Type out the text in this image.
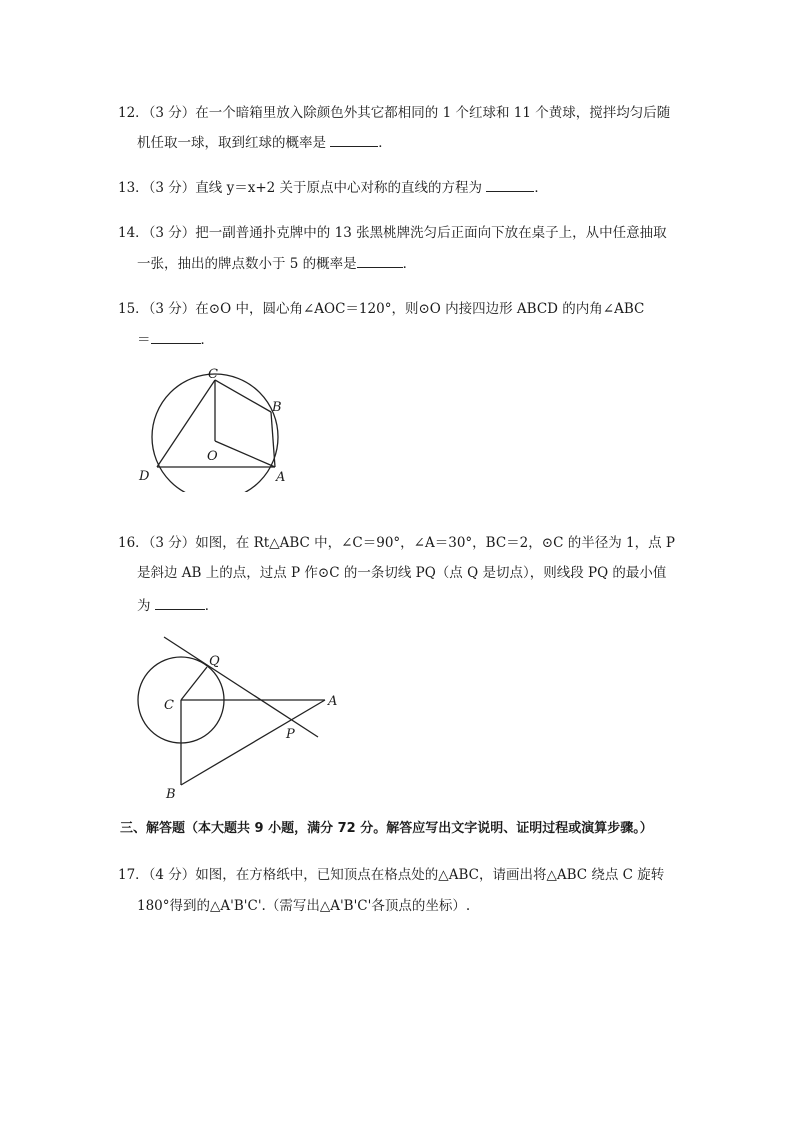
12．（3 分）在一个暗箱里放入除颜色外其它都相同的 1 个红球和 11 个黄球，搅拌均匀后随
机任取一球，取到红球的概率是	．
13．（3 分）直线 y＝x+2 关于原点中心对称的直线的方程为	．
14．（3 分）把一副普通扑克牌中的 13 张黑桃牌洗匀后正面向下放在桌子上，从中任意抽取
一张，抽出的牌点数小于 5 的概率是	．
15．（3 分）在⊙O 中，圆心角∠AOC＝120°，则⊙O 内接四边形 ABCD 的内角∠ABC
＝	．
C
B
O
D	A
16．（3 分）如图，在 Rt△ABC 中，∠C＝90°，∠A＝30°，BC＝2，⊙C 的半径为 1，点 P
是斜边 AB 上的点，过点 P 作⊙C 的一条切线 PQ（点 Q 是切点），则线段 PQ 的最小值
为	．
Q
C	A
P
B
三、解答题（本大题共 9 小题，满分 72 分。解答应写出文字说明、证明过程或演算步骤。）
17．（4 分）如图，在方格纸中，已知顶点在格点处的△ABC，请画出将△ABC 绕点 C 旋转
180°得到的△A'B'C'.（需写出△A'B'C'各顶点的坐标）.
